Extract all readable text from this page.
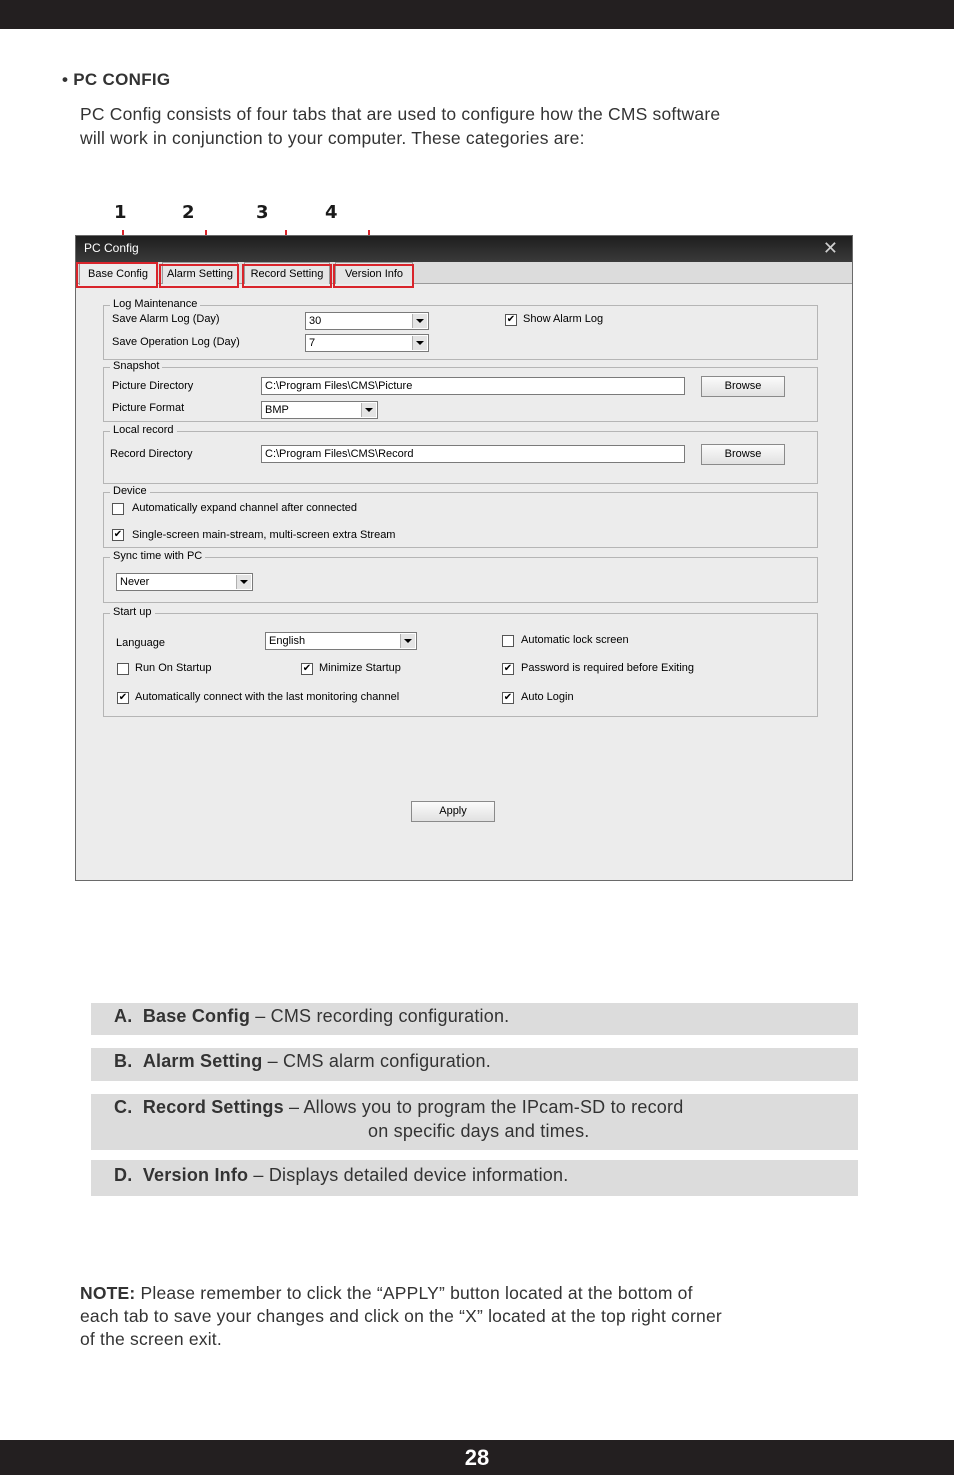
• PC CONFIG
PC Config consists of four tabs that are used to configure how the CMS software
will work in conjunction to your computer. These categories are:
1	2	3	4
PC Config	✕
Base Config	Alarm Setting	Record Setting	Version Info
Log Maintenance
Save Alarm Log (Day)	30
Save Operation Log (Day)	7
✔ Show Alarm Log
Snapshot
Picture Directory	C:\Program Files\CMS\Picture	Browse
Picture Format	BMP
Local record
Record Directory	C:\Program Files\CMS\Record	Browse
Device
Automatically expand channel after connected
✔ Single-screen main-stream, multi-screen extra Stream
Sync time with PC
Never
Start up
Language	English	Automatic lock screen
Run On Startup	✔ Minimize Startup	✔ Password is required before Exiting
✔ Automatically connect with the last monitoring channel	✔ Auto Login
Apply
A. Base Config – CMS recording configuration.
B. Alarm Setting – CMS alarm configuration.
C. Record Settings – Allows you to program the IPcam-SD to record
on specific days and times.
D. Version Info – Displays detailed device information.
NOTE: Please remember to click the “APPLY” button located at the bottom of
each tab to save your changes and click on the “X” located at the top right corner
of the screen exit.
28
